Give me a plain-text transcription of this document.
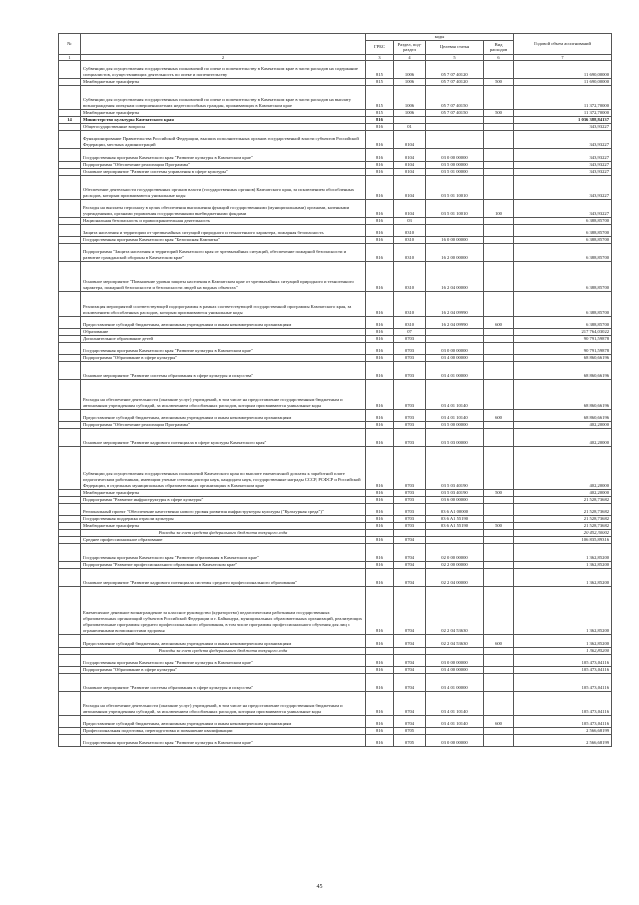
№		коды				Годовой объем ассигнований
		ГРБС	Раздел, под-раздел	Целевая статья	Вид расходов	
1	2	3	4	5	6	7
	Субвенции для осуществления государственных полномочий по опеке и попечительству в Камчатском крае в части расходов на содержание специалистов, осуществляющих деятельность по опеке и попечительству	815	1006	05 7 07 40120		11 690,00000
	Межбюджетные трансферты	815	1006	05 7 07 40120	500	11 690,00000
	Субвенции для осуществления государственных полномочий по опеке и попечительству в Камчатском крае в части расходов на выплату вознаграждения опекунам совершеннолетних недееспособных граждан, проживающих в Камчатском крае	815	1006	05 7 07 40150		11 372,70000
	Межбюджетные трансферты	815	1006	05 7 07 40150	500	11 372,70000
14	Министерство культуры Камчатского края	816				1 036 388,84137
	Общегосударственные вопросы	816	01			343,93227
	Функционирование Правительства Российской Федерации, высших исполнительных органов государственной власти субъектов Российской Федерации, местных администраций	816	0104			343,93227
	Государственная программа Камчатского края "Развитие культуры в Камчатском крае"	816	0104	03 0 00 00000		343,93227
	Подпрограмма "Обеспечение реализации Программы"	816	0104	03 5 00 00000		343,93227
	Основное мероприятие "Развитие системы управления в сфере культуры"	816	0104	03 5 01 00000		343,93227
	Обеспечение деятельности государственных органов власти (государственных органов) Камчатского края, за исключением обособленных расходов, которым присваиваются уникальные коды	816	0104	03 5 01 10010		343,93227
	Расходы на выплаты персоналу в целях обеспечения выполнения функций государственными (муниципальными) органами, казенными учреждениями, органами управления государственными внебюджетными фондами	816	0104	03 5 01 10010	100	343,93227
	Национальная безопасность и правоохранительная деятельность	816	03			6 388,85700
	Защита населения и территории от чрезвычайных ситуаций природного и техногенного характера, пожарная безопасность	816	0310			6 388,85700
	Государственная программа Камчатского края "Безопасная Камчатка"	816	0310	16 0 00 00000		6 388,85700
	Подпрограмма "Защита населения и территорий Камчатского края от чрезвычайных ситуаций, обеспечение пожарной безопасности и развитие гражданской обороны в Камчатском крае"	816	0310	16 2 00 00000		6 388,85700
	Основное мероприятие "Повышение уровня защиты населения в Камчатском крае от чрезвычайных ситуаций природного и техногенного характера, пожарной безопасности и безопасности людей на водных объектах"	816	0310	16 2 04 00000		6 388,85700
	Реализация мероприятий соответствующей подпрограммы в рамках соответствующей государственной программы Камчатского края, за исключением обособленных расходов, которым присваиваются уникальные коды	816	0310	16 2 04 09990		6 388,85700
	Предоставление субсидий бюджетным, автономным учреждениям и иным некоммерческим организациям	816	0310	16 2 04 09990	600	6 388,85700
	Образование	816	07			217 764,03022
	Дополнительное образование детей	816	0703			90 791,59878
	Государственная программа Камчатского края "Развитие культуры в Камчатском крае"	816	0703	03 0 00 00000		90 791,59878
	Подпрограмма "Образование в сфере культуры"	816	0703	03 4 00 00000		68 860,66196
	Основное мероприятие "Развитие системы образования в сфере культуры и искусства"	816	0703	03 4 01 00000		68 860,66196
	Расходы на обеспечение деятельности (оказание услуг) учреждений, в том числе на предоставление государственным бюджетным и автономным учреждениям субсидий, за исключением обособленных расходов, которым присваиваются уникальные коды	816	0703	03 4 01 10140		68 860,66196
	Предоставление субсидий бюджетным, автономным учреждениям и иным некоммерческим организациям	816	0703	03 4 01 10140	600	68 860,66196
	Подпрограмма "Обеспечение реализации Программы"	816	0703	03 5 00 00000		402,20000
	Основное мероприятие "Развитие кадрового потенциала в сфере культуры Камчатского края"	816	0703	03 5 03 00000		402,20000
	Субвенции для осуществления государственных полномочий Камчатского края по выплате ежемесячной доплаты к заработной плате педагогическим работникам, имеющим ученые степени доктора наук, кандидата наук, государственные награды СССР, РСФСР и Российской Федерации, в отдельных муниципальных образовательных организациях в Камчатском крае	816	0703	03 5 03 40190		402,20000
	Межбюджетные трансферты	816	0703	03 5 03 40190	500	402,20000
	Подпрограмма "Развитие инфраструктуры в сфере культуры"	816	0703	03 6 00 00000		21 528,73682
	Региональный проект "Обеспечение качественно нового уровня развития инфраструктуры культуры ("Культурная среда")"	816	0703	03 6 A1 00000		21 528,73682
	Государственная поддержка отрасли культуры	816	0703	03 6 A1 55190		21 528,73682
	Межбюджетные трансферты	816	0703	03 6 A1 55190	500	21 528,73682
	Расходы за счет средств федерального бюджета текущего года					20 452,30002
	Среднее профессиональное образование	816	0704			106 835,89316
	Государственная программа Камчатского края "Развитие образования в Камчатском крае"	816	0704	02 0 00 00000		1 362,85200
	Подпрограмма "Развитие профессионального образования в Камчатском крае"	816	0704	02 2 00 00000		1 362,85200
	Основное мероприятие "Развитие кадрового потенциала системы среднего профессионального образования"	816	0704	02 2 04 00000		1 362,85200
	Ежемесячное денежное вознаграждение за классное руководство (кураторство) педагогическим работникам государственных образовательных организаций субъектов Российской Федерации и г. Байконура, муниципальных образовательных организаций, реализующих образовательные программы среднего профессионального образования, в том числе программы профессионального обучения для лиц с ограниченными возможностями здоровья	816	0704	02 2 04 53630		1 362,85200
	Предоставление субсидий бюджетным, автономным учреждениям и иным некоммерческим организациям	816	0704	02 2 04 53630	600	1 362,85200
	Расходы за счет средств федерального бюджета текущего года					1 362,85200
	Государственная программа Камчатского края "Развитие культуры в Камчатском крае"	816	0704	03 0 00 00000		105 473,04116
	Подпрограмма "Образование в сфере культуры"	816	0704	03 4 00 00000		105 473,04116
	Основное мероприятие "Развитие системы образования в сфере культуры и искусства"	816	0704	03 4 01 00000		105 473,04116
	Расходы на обеспечение деятельности (оказание услуг) учреждений, в том числе на предоставление государственным бюджетным и автономным учреждениям субсидий, за исключением обособленных расходов, которым присваиваются уникальные коды	816	0704	03 4 01 10140		105 473,04116
	Предоставление субсидий бюджетным, автономным учреждениям и иным некоммерческим организациям	816	0704	03 4 01 10140	600	105 473,04116
	Профессиональная подготовка, переподготовка и повышение квалификации	816	0705			2 566,68199
	Государственная программа Камчатского края "Развитие культуры в Камчатском крае"	816	0705	03 0 00 00000		2 566,68199
45
